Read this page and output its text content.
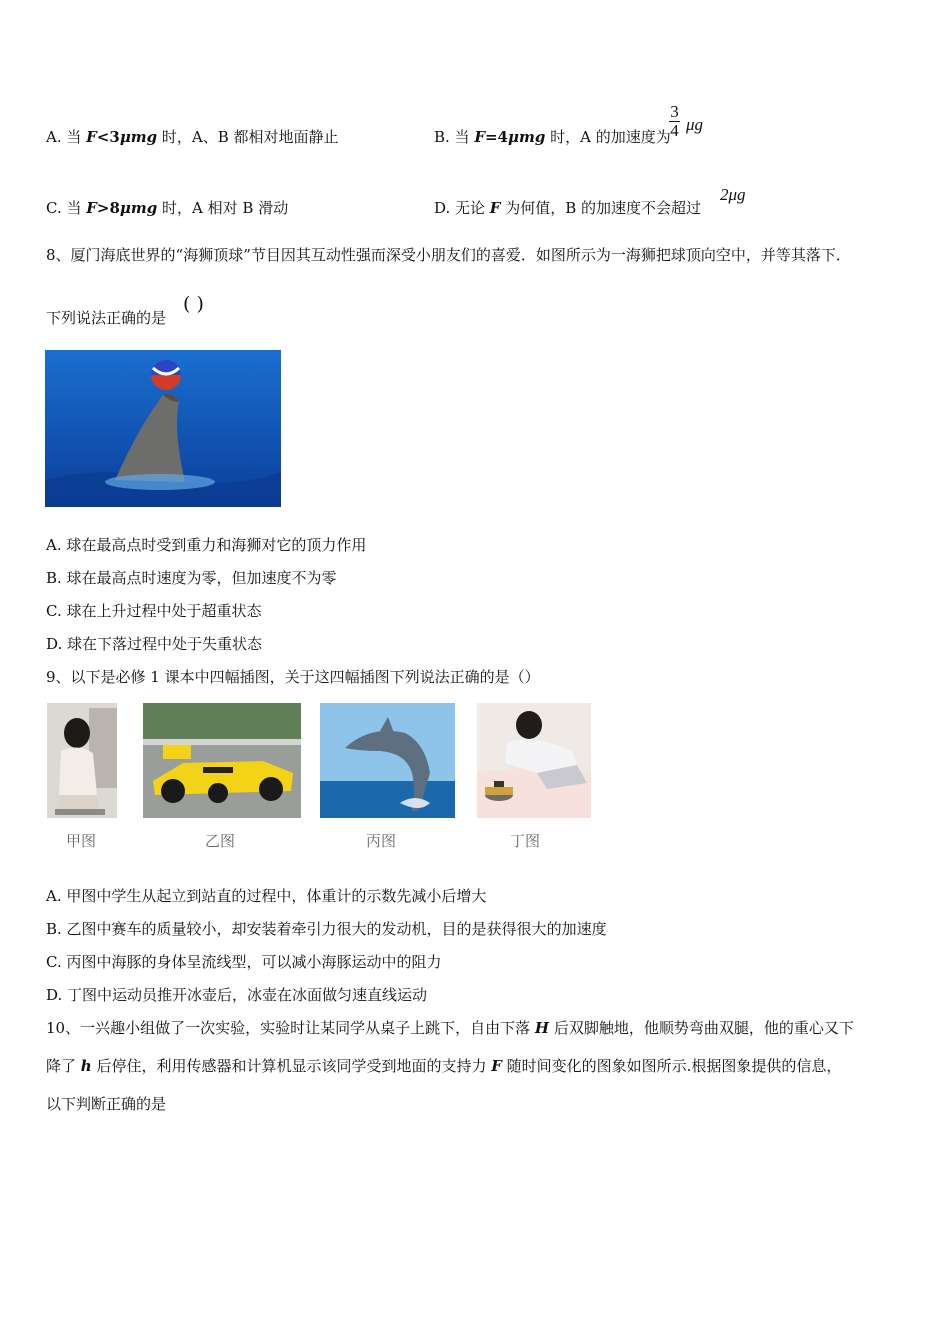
A. 当 F<3μmg 时，A、B 都相对地面静止	B. 当 F=4μmg 时，A 的加速度为
3
4 μg
C. 当 F>8μmg 时，A 相对 B 滑动	D. 无论 F 为何值，B 的加速度不会超过
2μg
8、厦门海底世界的“海狮顶球”节目因其互动性强而深受小朋友们的喜爱．如图所示为一海狮把球顶向空中，并等其落下．
下列说法正确的是
( )
A. 球在最高点时受到重力和海狮对它的顶力作用
B. 球在最高点时速度为零，但加速度不为零
C. 球在上升过程中处于超重状态
D. 球在下落过程中处于失重状态
9、以下是必修 1 课本中四幅插图，关于这四幅插图下列说法正确的是（）
甲图	乙图	丙图	丁图
A. 甲图中学生从起立到站直的过程中，体重计的示数先减小后增大
B. 乙图中赛车的质量较小，却安装着牵引力很大的发动机，目的是获得很大的加速度
C. 丙图中海豚的身体呈流线型，可以减小海豚运动中的阻力
D. 丁图中运动员推开冰壶后，冰壶在冰面做匀速直线运动
10、一兴趣小组做了一次实验，实验时让某同学从桌子上跳下，自由下落 H 后双脚触地，他顺势弯曲双腿，他的重心又下
降了 h 后停住，利用传感器和计算机显示该同学受到地面的支持力 F 随时间变化的图象如图所示.根据图象提供的信息，
以下判断正确的是
